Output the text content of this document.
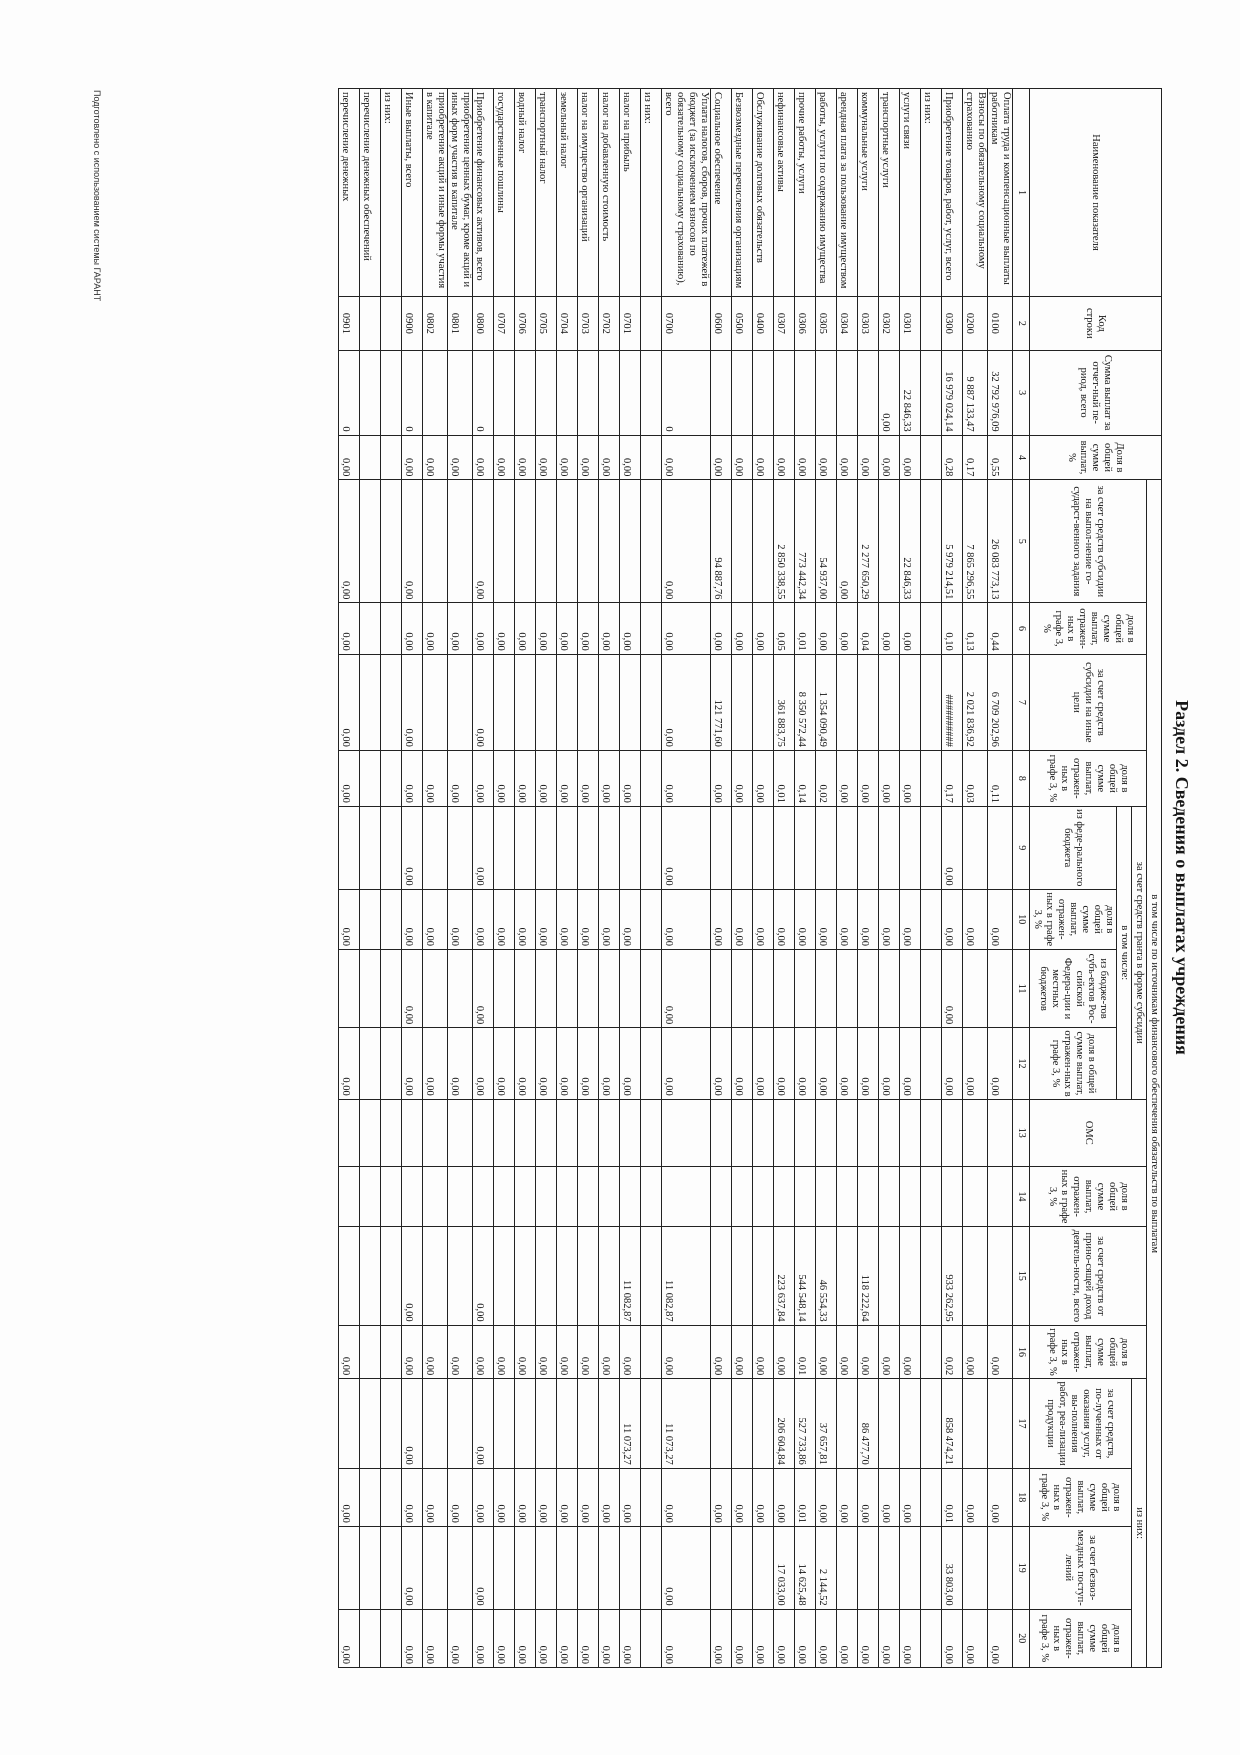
Подготовлено с использованием системы ГАРАНТ
Раздел 2. Сведения о выплатах учреждения
Наименование показателя	Код строки	Сумма выплат за отчет-ный пе-риод, всего	Доля в общей сумме выплат, %	в том числе по источникам финансового обеспечения обязательств по выплатам															
				за счет средств субсидии на выпол-нение го-сударст-венного задания	доля в общей сумме выплат, отражен-ных в графе 3, %	за счет средств субсидии на иные цели	доля в общей сумме выплат, отражен-ных в графе 3, %	за счет средств гранта в форме субсидии				ОМС	доля в общей сумме выплат, отражен-ных в графе 3, %	за счет средств от прино-сящей доход деятель-ности, всего	доля в общей сумме выплат, отражен-ных в графе 3, %	из них:			
								в том числе:								за счет средств, по-лученных от оказания услуг, вы-полнения работ, реа-лизации продукции	доля в общей сумме выплат, отражен-ных в графе 3, %	за счет безвоз-мездных поступ-лений	доля в общей сумме выплат, отражен-ных в графе 3, %
								из феде-рального бюджета	доля в общей сумме выплат, отражен-ных в графе 3, %	из бюдже-тов субъ-ектов Рос-сийской Федера-ции и местных бюджетов	доля в общей сумме выплат, отражен-ных в графе 3, %								
1	2	3	4	5	6	7	8	9	10	11	12	13	14	15	16	17	18	19	20
Оплата труда и компенсационные выплаты работникам	0100	32 792 976,09	0,55	26 083 773,13	0,44	6 709 202,96	0,11		0,00		0,00				0,00		0,00		0,00
Взносы по обязательному социальному страхованию	0200	9 887 133,47	0,17	7 865 296,55	0,13	2 021 836,92	0,03		0,00		0,00				0,00		0,00		0,00
Приобретение товаров, работ, услуг, всего	0300	16 979 024,14	0,28	5 979 214,51	0,10	##########	0,17	0,00	0,00	0,00	0,00			933 262,95	0,02	858 474,21	0,01	33 803,00	0,00
из них:																			
услуги связи	0301	22 846,33	0,00	22 846,33	0,00		0,00		0,00		0,00				0,00		0,00		0,00
транспортные услуги	0302	0,00	0,00		0,00		0,00		0,00		0,00				0,00		0,00		0,00
коммунальные услуги	0303		0,00	2 277 650,29	0,04		0,00		0,00		0,00			118 222,64	0,00	86 477,70	0,00		0,00
арендная плата за пользование имуществом	0304		0,00	0,00	0,00		0,00		0,00		0,00				0,00		0,00		0,00
работы, услуги по содержанию имущества	0305		0,00	54 937,00	0,00	1 354 090,49	0,02		0,00		0,00			46 554,33	0,00	37 657,81	0,00	2 144,52	0,00
прочие работы, услуги	0306		0,00	773 442,34	0,01	8 350 572,44	0,14		0,00		0,00			544 548,14	0,01	527 733,86	0,01	14 625,48	0,00
нефинансовые активы	0307		0,00	2 850 338,55	0,05	361 883,75	0,01		0,00		0,00			223 637,84	0,00	206 604,84	0,00	17 033,00	0,00
Обслуживание долговых обязательств	0400		0,00		0,00		0,00		0,00		0,00				0,00		0,00		0,00
Безвозмездные перечисления организациям	0500		0,00		0,00		0,00		0,00		0,00				0,00		0,00		0,00
Социальное обеспечение	0600		0,00	94 887,76	0,00	121 771,60	0,00		0,00		0,00				0,00		0,00		0,00
Уплата налогов, сборов, прочих платежей в бюджет (за исключением взносов по обязательному социальному страхованию), всего	0700	0	0,00	0,00	0,00	0,00	0,00	0,00	0,00	0,00	0,00			11 082,87	0,00	11 073,27	0,00	0,00	0,00
из них:																			
налог на прибыль	0701		0,00		0,00		0,00		0,00		0,00			11 082,87	0,00	11 073,27	0,00		0,00
налог на добавленную стоимость	0702		0,00		0,00		0,00		0,00		0,00				0,00		0,00		0,00
налог на имущество организаций	0703		0,00		0,00		0,00		0,00		0,00				0,00		0,00		0,00
земельный налог	0704		0,00		0,00		0,00		0,00		0,00				0,00		0,00		0,00
транспортный налог	0705		0,00		0,00		0,00		0,00		0,00				0,00		0,00		0,00
водный налог	0706		0,00		0,00		0,00		0,00		0,00				0,00		0,00		0,00
государственные пошлины	0707		0,00		0,00		0,00		0,00		0,00				0,00		0,00		0,00
Приобретение финансовых активов, всего	0800	0	0,00	0,00	0,00	0,00	0,00	0,00	0,00	0,00	0,00			0,00	0,00	0,00	0,00	0,00	0,00
приобретение ценных бумаг, кроме акций и иных форм участия в капитале	0801		0,00		0,00		0,00		0,00		0,00				0,00		0,00		0,00
приобретение акций и иные формы участия в капитале	0802		0,00		0,00		0,00		0,00		0,00				0,00		0,00		0,00
Иные выплаты, всего	0900	0	0,00	0,00	0,00	0,00	0,00	0,00	0,00	0,00	0,00			0,00	0,00	0,00	0,00	0,00	0,00
из них:																			
перечисление денежных обеспечений																			
перечисление денежных	0901	0	0,00	0,00	0,00	0,00	0,00		0,00		0,00				0,00		0,00		0,00
